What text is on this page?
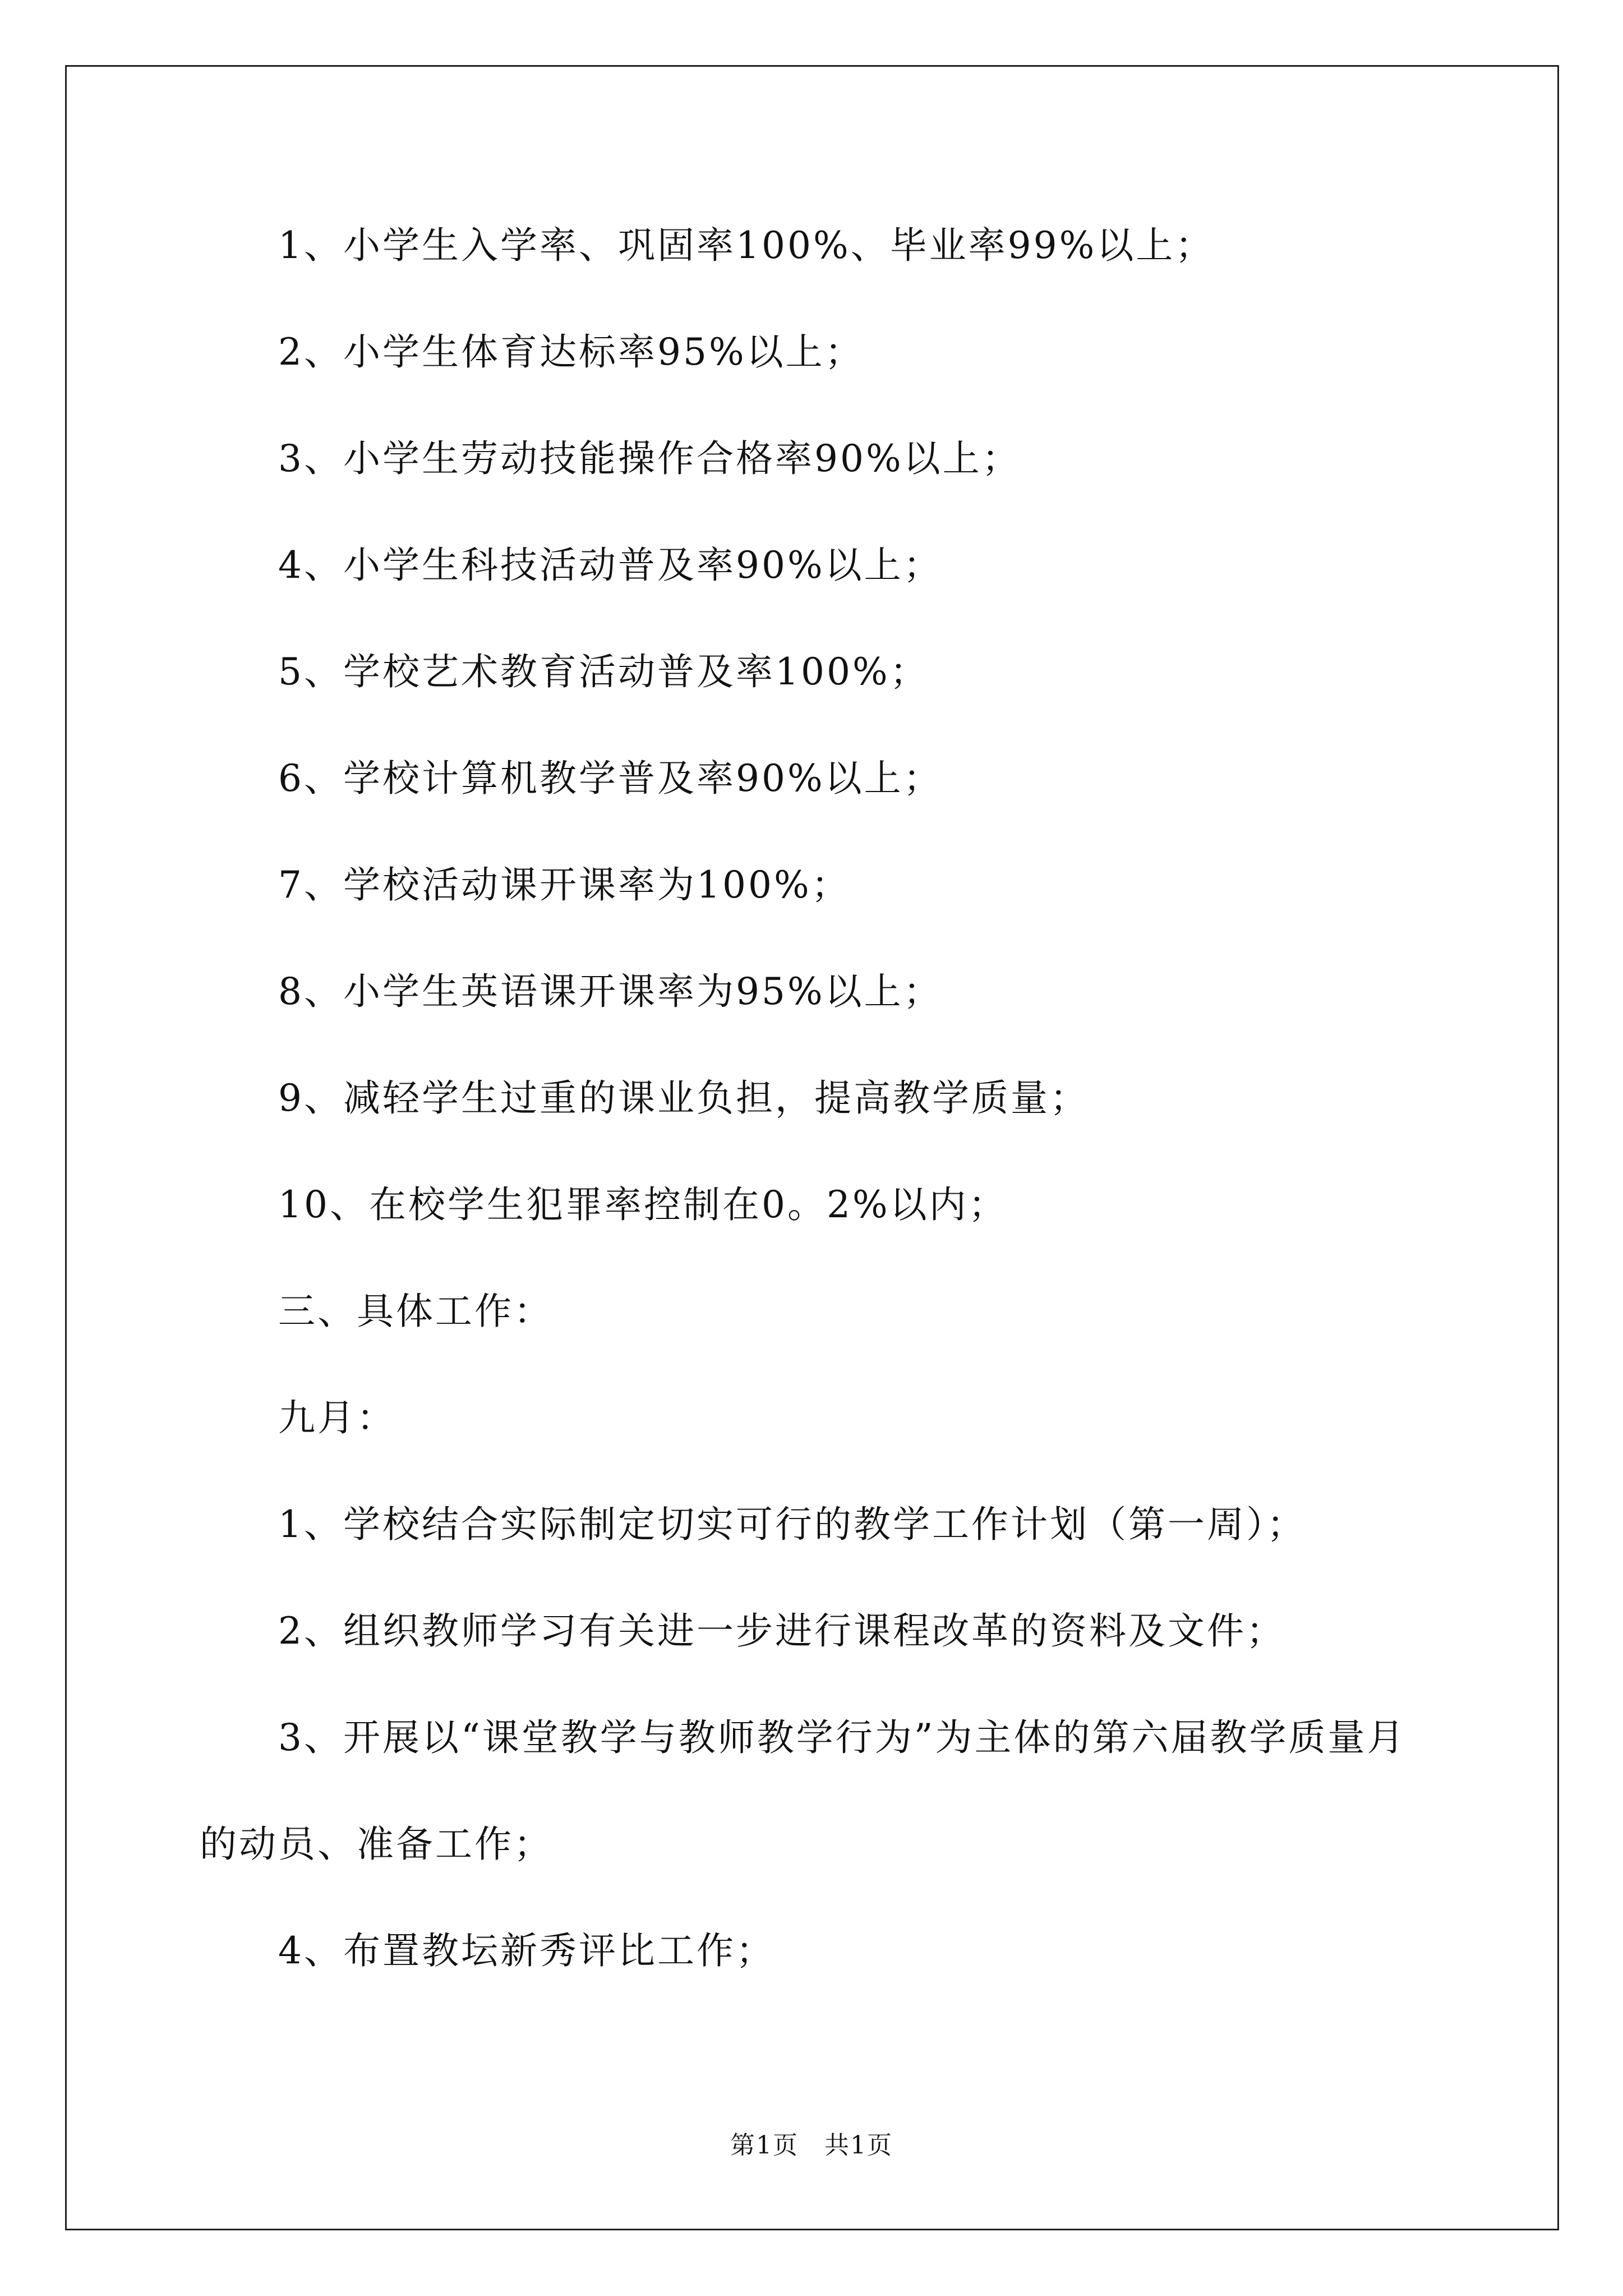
1、小学生入学率、巩固率100%、毕业率99%以上；

2、小学生体育达标率95%以上；

3、小学生劳动技能操作合格率90%以上；

4、小学生科技活动普及率90%以上；

5、学校艺术教育活动普及率100%；

6、学校计算机教学普及率90%以上；

7、学校活动课开课率为100%；

8、小学生英语课开课率为95%以上；

9、减轻学生过重的课业负担，提高教学质量；

10、在校学生犯罪率控制在0。2%以内；

三、具体工作：

九月：

1、学校结合实际制定切实可行的教学工作计划（第一周）；

2、组织教师学习有关进一步进行课程改革的资料及文件；

3、开展以“课堂教学与教师教学行为”为主体的第六届教学质量月的动员、准备工作；

4、布置教坛新秀评比工作；

第1页　共1页
